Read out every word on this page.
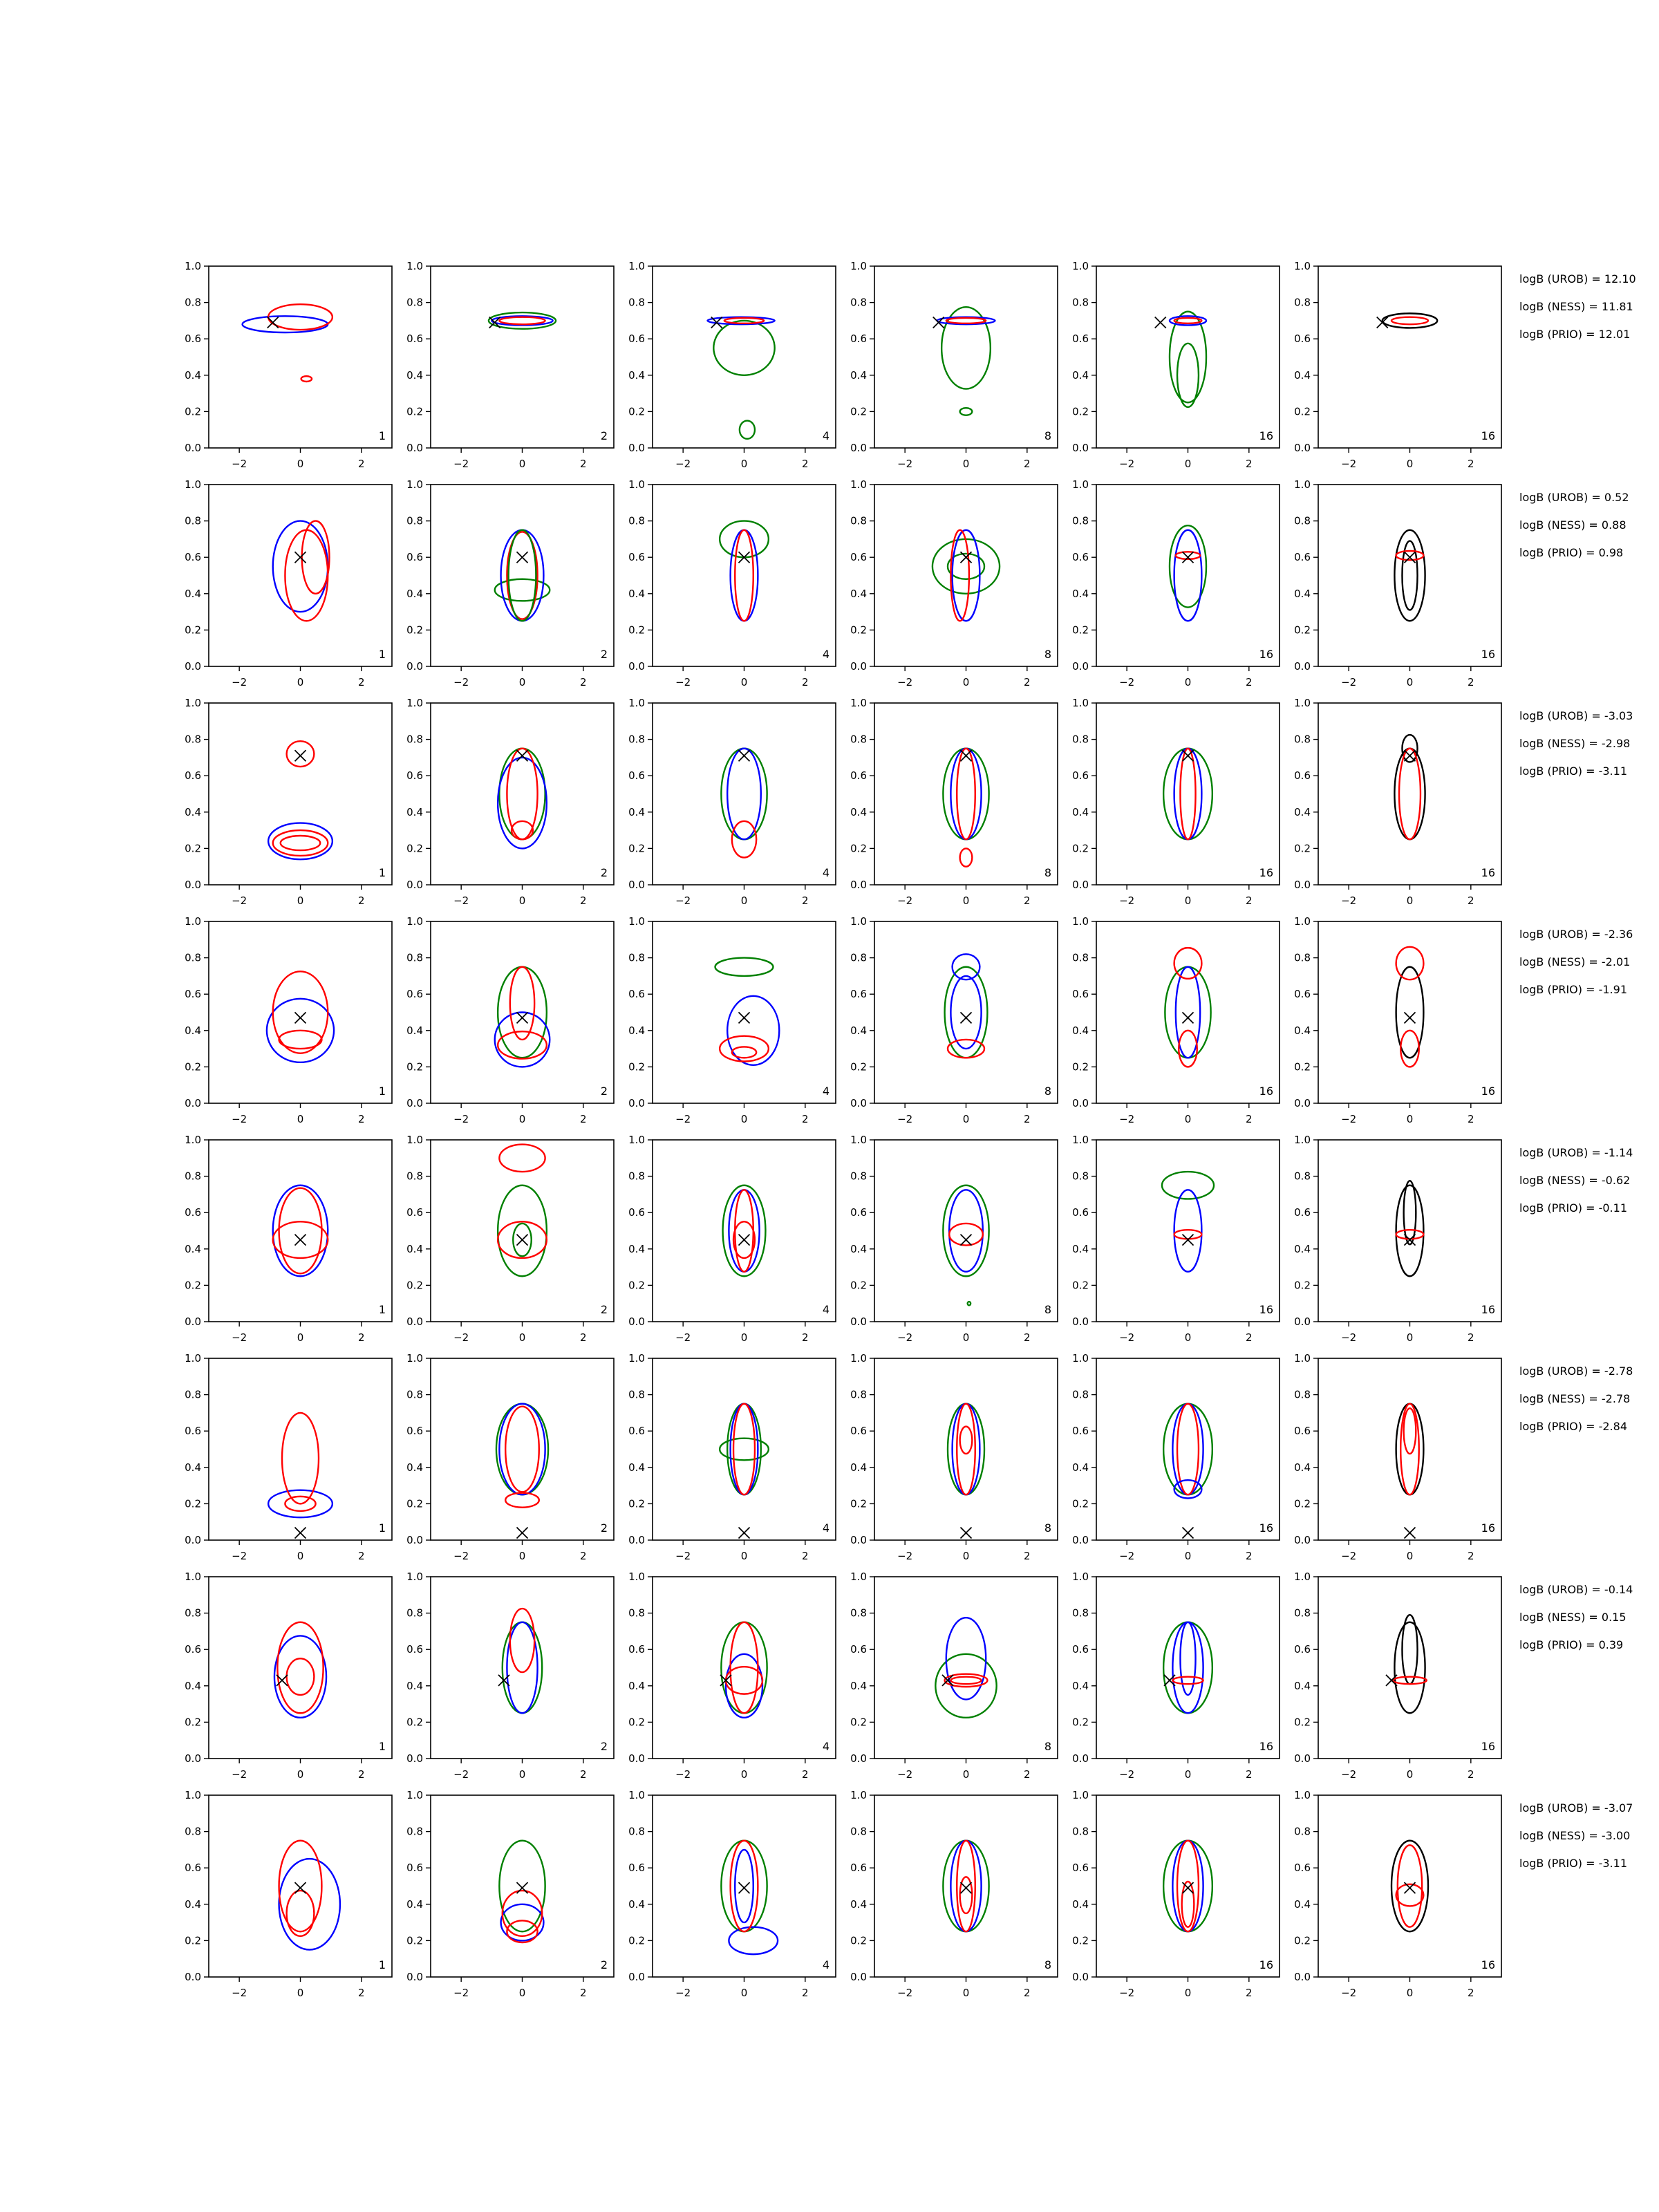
−2	0	2
0.0
0.2
0.4
0.6
0.8
1.0
1
−2	0	2
0.0
0.2
0.4
0.6
0.8
1.0
2
−2	0	2
0.0
0.2
0.4
0.6
0.8
1.0
4
−2	0	2
0.0
0.2
0.4
0.6
0.8
1.0
8
−2	0	2
0.0
0.2
0.4
0.6
0.8
1.0
16
−2	0	2
0.0
0.2
0.4
0.6
0.8
1.0
16
logB (UROB) = 12.10
logB (NESS) = 11.81
logB (PRIO) = 12.01
−2	0	2
0.0
0.2
0.4
0.6
0.8
1.0
1
−2	0	2
0.0
0.2
0.4
0.6
0.8
1.0
2
−2	0	2
0.0
0.2
0.4
0.6
0.8
1.0
4
−2	0	2
0.0
0.2
0.4
0.6
0.8
1.0
8
−2	0	2
0.0
0.2
0.4
0.6
0.8
1.0
16
−2	0	2
0.0
0.2
0.4
0.6
0.8
1.0
16
logB (UROB) = 0.52
logB (NESS) = 0.88
logB (PRIO) = 0.98
−2	0	2
0.0
0.2
0.4
0.6
0.8
1.0
1
−2	0	2
0.0
0.2
0.4
0.6
0.8
1.0
2
−2	0	2
0.0
0.2
0.4
0.6
0.8
1.0
4
−2	0	2
0.0
0.2
0.4
0.6
0.8
1.0
8
−2	0	2
0.0
0.2
0.4
0.6
0.8
1.0
16
−2	0	2
0.0
0.2
0.4
0.6
0.8
1.0
16
logB (UROB) = -3.03
logB (NESS) = -2.98
logB (PRIO) = -3.11
−2	0	2
0.0
0.2
0.4
0.6
0.8
1.0
1
−2	0	2
0.0
0.2
0.4
0.6
0.8
1.0
2
−2	0	2
0.0
0.2
0.4
0.6
0.8
1.0
4
−2	0	2
0.0
0.2
0.4
0.6
0.8
1.0
8
−2	0	2
0.0
0.2
0.4
0.6
0.8
1.0
16
−2	0	2
0.0
0.2
0.4
0.6
0.8
1.0
16
logB (UROB) = -2.36
logB (NESS) = -2.01
logB (PRIO) = -1.91
−2	0	2
0.0
0.2
0.4
0.6
0.8
1.0
1
−2	0	2
0.0
0.2
0.4
0.6
0.8
1.0
2
−2	0	2
0.0
0.2
0.4
0.6
0.8
1.0
4
−2	0	2
0.0
0.2
0.4
0.6
0.8
1.0
8
−2	0	2
0.0
0.2
0.4
0.6
0.8
1.0
16
−2	0	2
0.0
0.2
0.4
0.6
0.8
1.0
16
logB (UROB) = -1.14
logB (NESS) = -0.62
logB (PRIO) = -0.11
−2	0	2
0.0
0.2
0.4
0.6
0.8
1.0
1
−2	0	2
0.0
0.2
0.4
0.6
0.8
1.0
2
−2	0	2
0.0
0.2
0.4
0.6
0.8
1.0
4
−2	0	2
0.0
0.2
0.4
0.6
0.8
1.0
8
−2	0	2
0.0
0.2
0.4
0.6
0.8
1.0
16
−2	0	2
0.0
0.2
0.4
0.6
0.8
1.0
16
logB (UROB) = -2.78
logB (NESS) = -2.78
logB (PRIO) = -2.84
−2	0	2
0.0
0.2
0.4
0.6
0.8
1.0
1
−2	0	2
0.0
0.2
0.4
0.6
0.8
1.0
2
−2	0	2
0.0
0.2
0.4
0.6
0.8
1.0
4
−2	0	2
0.0
0.2
0.4
0.6
0.8
1.0
8
−2	0	2
0.0
0.2
0.4
0.6
0.8
1.0
16
−2	0	2
0.0
0.2
0.4
0.6
0.8
1.0
16
logB (UROB) = -0.14
logB (NESS) = 0.15
logB (PRIO) = 0.39
−2	0	2
0.0
0.2
0.4
0.6
0.8
1.0
1
−2	0	2
0.0
0.2
0.4
0.6
0.8
1.0
2
−2	0	2
0.0
0.2
0.4
0.6
0.8
1.0
4
−2	0	2
0.0
0.2
0.4
0.6
0.8
1.0
8
−2	0	2
0.0
0.2
0.4
0.6
0.8
1.0
16
−2	0	2
0.0
0.2
0.4
0.6
0.8
1.0
16
logB (UROB) = -3.07
logB (NESS) = -3.00
logB (PRIO) = -3.11
